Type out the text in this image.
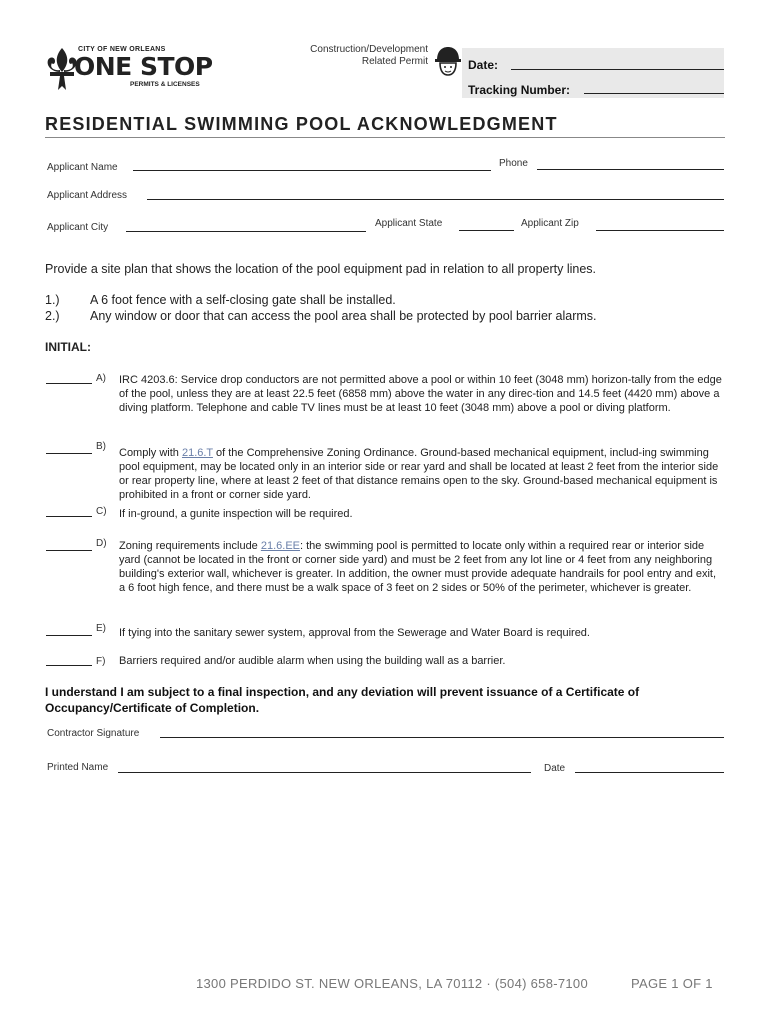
CITY OF NEW ORLEANS
ONE STOP
PERMITS & LICENSES
Construction/Development
Related Permit	Date:
Tracking Number:
RESIDENTIAL SWIMMING POOL ACKNOWLEDGMENT
Applicant Name	Phone
Applicant Address
Applicant City	Applicant State	Applicant Zip
Provide a site plan that shows the location of the pool equipment pad in relation to all property lines.
1.) A 6 foot fence with a self-closing gate shall be installed.
2.) Any window or door that can access the pool area shall be protected by pool barrier alarms.
INITIAL:
A) IRC 4203.6: Service drop conductors are not permitted above a pool or within 10 feet (3048 mm) horizon-tally from the edge of the pool, unless they are at least 22.5 feet (6858 mm) above the water in any direc-tion and 14.5 feet (4420 mm) above a diving platform. Telephone and cable TV lines must be at least 10 feet (3048 mm) above a pool or diving platform.
B)
Comply with 21.6.T of the Comprehensive Zoning Ordinance. Ground-based mechanical equipment, includ-ing swimming pool equipment, may be located only in an interior side or rear yard and shall be located at least 2 feet from the interior side or rear property line, where at least 2 feet of that distance remains open to the sky. Ground-based mechanical equipment is prohibited in a front or corner side yard.
C) If in-ground, a gunite inspection will be required.
D) Zoning requirements include 21.6.EE: the swimming pool is permitted to locate only within a required rear or interior side yard (cannot be located in the front or corner side yard) and must be 2 feet from any lot line or 4 feet from any neighboring building's exterior wall, whichever is greater. In addition, the owner must provide adequate handrails for pool entry and exit, a 6 foot high fence, and there must be a walk space of 3 feet on 2 sides or 50% of the perimeter, whichever is greater.
E) If tying into the sanitary sewer system, approval from the Sewerage and Water Board is required.
F) Barriers required and/or audible alarm when using the building wall as a barrier.
I understand I am subject to a final inspection, and any deviation will prevent issuance of a Certificate of Occupancy/Certificate of Completion.
Contractor Signature
Printed Name	Date
1300 PERDIDO ST. NEW ORLEANS, LA 70112 · (504) 658-7100	PAGE 1 OF 1
